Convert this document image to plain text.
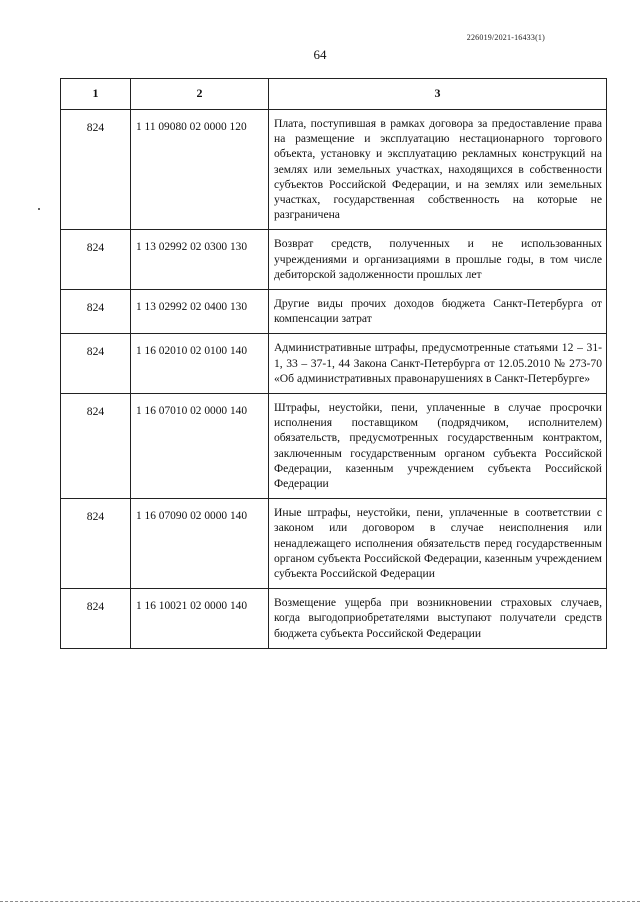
226019/2021-16433(1)
64
1	2	3
824	1 11 09080 02 0000 120	Плата, поступившая в рамках договора за предоставление права на размещение и эксплуатацию нестационарного торгового объекта, установку и эксплуатацию рекламных конструкций на землях или земельных участках, находящихся в собственности субъектов Российской Федерации, и на землях или земельных участках, государственная собственность на которые не разграничена

824	1 13 02992 02 0300 130	Возврат средств, полученных и не использованных учреждениями и организациями в прошлые годы, в том числе дебиторской задолженности прошлых лет

824	1 13 02992 02 0400 130	Другие виды прочих доходов бюджета Санкт-Петербурга от компенсации затрат

824	1 16 02010 02 0100 140	Административные штрафы, предусмотренные статьями 12 – 31-1, 33 – 37-1, 44 Закона Санкт-Петербурга от 12.05.2010 № 273-70 «Об административных правонарушениях в Санкт-Петербурге»

824	1 16 07010 02 0000 140	Штрафы, неустойки, пени, уплаченные в случае просрочки исполнения поставщиком (подрядчиком, исполнителем) обязательств, предусмотренных государственным контрактом, заключенным государственным органом субъекта Российской Федерации, казенным учреждением субъекта Российской Федерации

824	1 16 07090 02 0000 140	Иные штрафы, неустойки, пени, уплаченные в соответствии с законом или договором в случае неисполнения или ненадлежащего исполнения обязательств перед государственным органом субъекта Российской Федерации, казенным учреждением субъекта Российской Федерации

824	1 16 10021 02 0000 140	Возмещение ущерба при возникновении страховых случаев, когда выгодоприобретателями выступают получатели средств бюджета субъекта Российской Федерации
